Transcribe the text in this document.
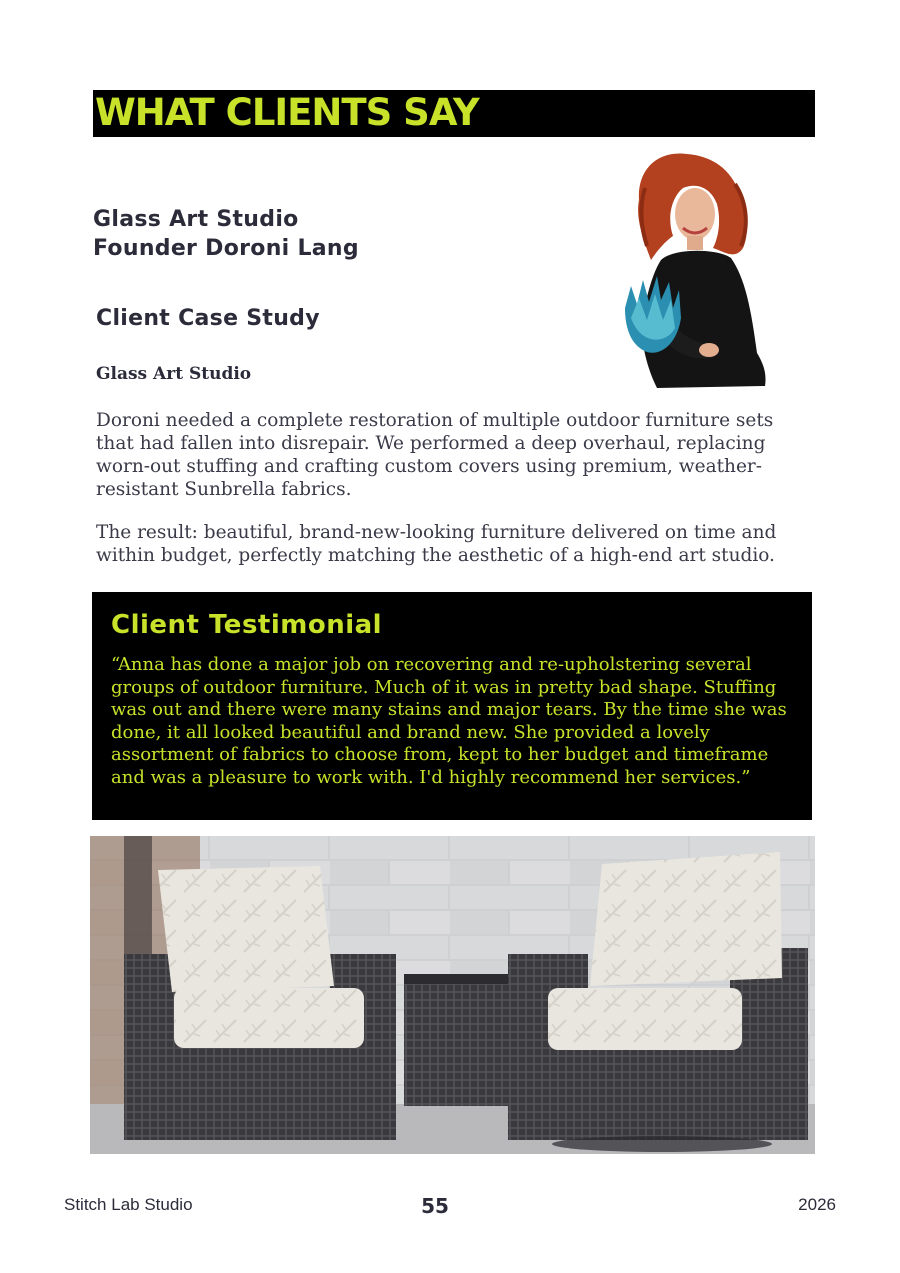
WHAT CLIENTS SAY
Glass Art Studio
Founder Doroni Lang
Client Case Study
Glass Art Studio

Doroni needed a complete restoration of multiple outdoor furniture sets that had fallen into disrepair. We performed a deep overhaul, replacing worn-out stuffing and crafting custom covers using premium, weather-resistant Sunbrella fabrics.

The result: beautiful, brand-new-looking furniture delivered on time and within budget, perfectly matching the aesthetic of a high-end art studio.

Client Testimonial

“Anna has done a major job on recovering and re-upholstering several groups of outdoor furniture. Much of it was in pretty bad shape. Stuffing was out and there were many stains and major tears. By the time she was done, it all looked beautiful and brand new. She provided a lovely assortment of fabrics to choose from, kept to her budget and timeframe and was a pleasure to work with. I'd highly recommend her services.”

Stitch Lab Studio	55	2026
